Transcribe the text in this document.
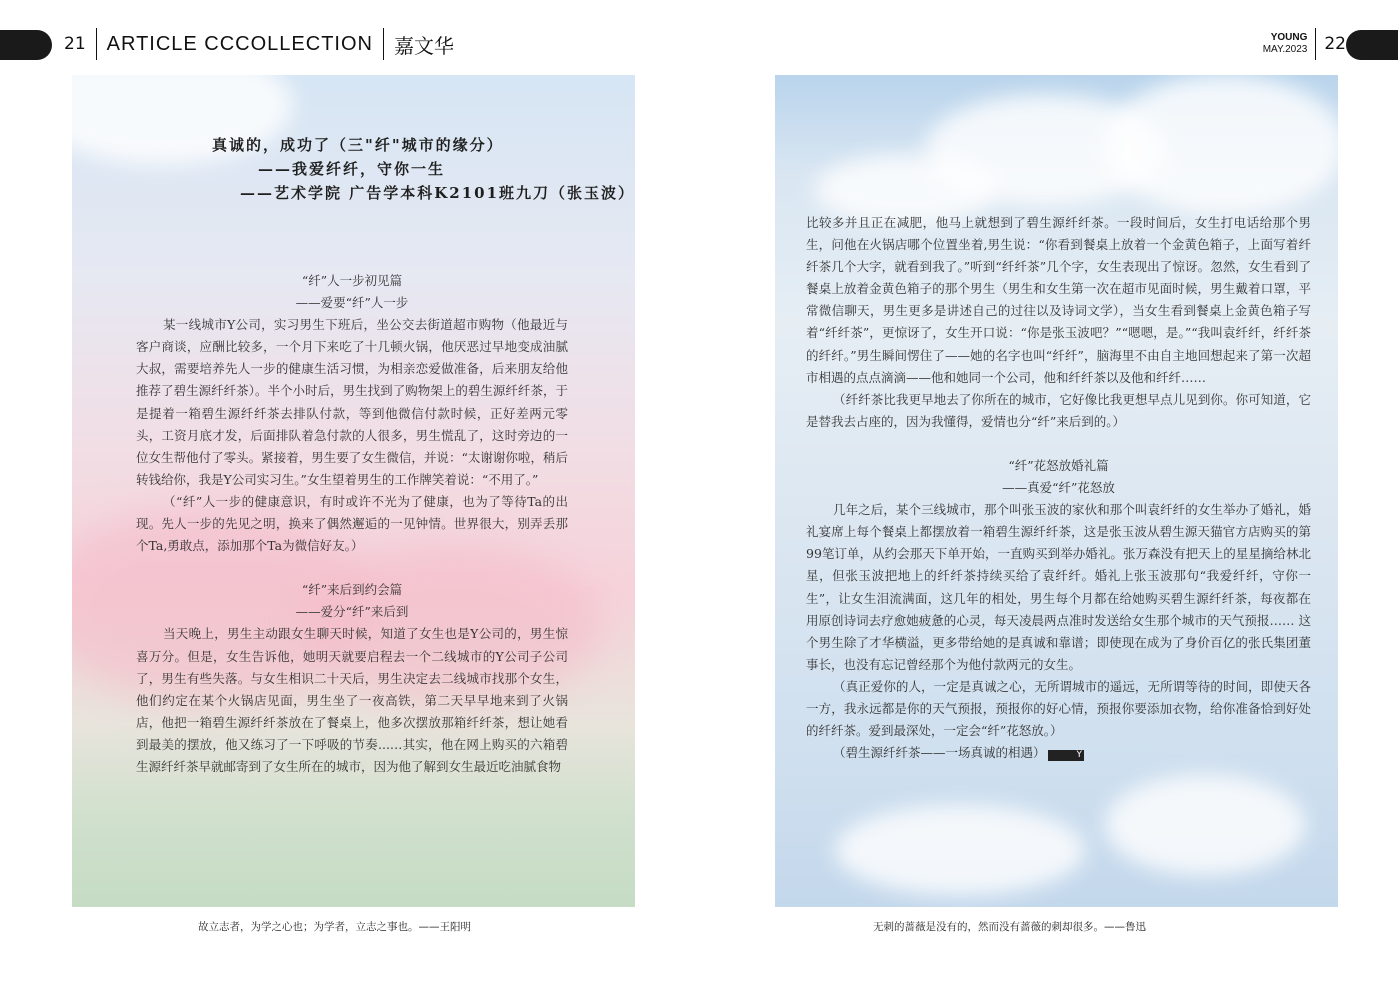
21 ARTICLE CCCOLLECTION 嘉文华	YOUNG
MAY.2023 22
真诚的，成功了（三"纤"城市的缘分）
——我爱纤纤，守你一生
——艺术学院 广告学本科K2101班九刀（张玉波）

“纤”人一步初见篇

——爱要“纤”人一步

某一线城市Y公司，实习男生下班后，坐公交去街道超市购物（他最近与客户商谈，应酬比较多，一个月下来吃了十几顿火锅，他厌恶过早地变成油腻大叔，需要培养先人一步的健康生活习惯，为相亲恋爱做准备，后来朋友给他推荐了碧生源纤纤茶）。半个小时后，男生找到了购物架上的碧生源纤纤茶，于是提着一箱碧生源纤纤茶去排队付款，等到他微信付款时候，正好差两元零头，工资月底才发，后面排队着急付款的人很多，男生慌乱了，这时旁边的一位女生帮他付了零头。紧接着，男生要了女生微信，并说：“太谢谢你啦，稍后转钱给你，我是Y公司实习生。”女生望着男生的工作牌笑着说：“不用了。”

（“纤”人一步的健康意识，有时或许不光为了健康，也为了等待Ta的出现。先人一步的先见之明，换来了偶然邂逅的一见钟情。世界很大，别弄丢那个Ta,勇敢点，添加那个Ta为微信好友。）

“纤”来后到约会篇

——爱分“纤”来后到

当天晚上，男生主动跟女生聊天时候，知道了女生也是Y公司的，男生惊喜万分。但是，女生告诉他，她明天就要启程去一个二线城市的Y公司子公司了，男生有些失落。与女生相识二十天后，男生决定去二线城市找那个女生，他们约定在某个火锅店见面，男生坐了一夜高铁，第二天早早地来到了火锅店，他把一箱碧生源纤纤茶放在了餐桌上，他多次摆放那箱纤纤茶，想让她看到最美的摆放，他又练习了一下呼吸的节奏...…其实，他在网上购买的六箱碧生源纤纤茶早就邮寄到了女生所在的城市，因为他了解到女生最近吃油腻食物

比较多并且正在减肥，他马上就想到了碧生源纤纤茶。一段时间后，女生打电话给那个男生，问他在火锅店哪个位置坐着,男生说：“你看到餐桌上放着一个金黄色箱子，上面写着纤纤茶几个大字，就看到我了。”听到“纤纤茶”几个字，女生表现出了惊讶。忽然，女生看到了餐桌上放着金黄色箱子的那个男生（男生和女生第一次在超市见面时候，男生戴着口罩，平常微信聊天，男生更多是讲述自己的过往以及诗词文学），当女生看到餐桌上金黄色箱子写着“纤纤茶”，更惊讶了，女生开口说：“你是张玉波吧？”“嗯嗯，是。”“我叫袁纤纤，纤纤茶的纤纤。”男生瞬间愣住了——她的名字也叫“纤纤”，脑海里不由自主地回想起来了第一次超市相遇的点点滴滴——他和她同一个公司，他和纤纤茶以及他和纤纤……

（纤纤茶比我更早地去了你所在的城市，它好像比我更想早点儿见到你。你可知道，它是替我去占座的，因为我懂得，爱情也分“纤”来后到的。）

“纤”花怒放婚礼篇

——真爱“纤”花怒放

几年之后，某个三线城市，那个叫张玉波的家伙和那个叫袁纤纤的女生举办了婚礼，婚礼宴席上每个餐桌上都摆放着一箱碧生源纤纤茶，这是张玉波从碧生源天猫官方店购买的第99笔订单，从约会那天下单开始，一直购买到举办婚礼。张万森没有把天上的星星摘给林北星，但张玉波把地上的纤纤茶持续买给了袁纤纤。婚礼上张玉波那句“我爱纤纤，守你一生”，让女生泪流满面，这几年的相处，男生每个月都在给她购买碧生源纤纤茶，每夜都在用原创诗词去疗愈她疲惫的心灵，每天凌晨两点准时发送给女生那个城市的天气预报…… 这个男生除了才华横溢，更多带给她的是真诚和靠谱；即使现在成为了身价百亿的张氏集团董事长，也没有忘记曾经那个为他付款两元的女生。

（真正爱你的人，一定是真诚之心，无所谓城市的遥远，无所谓等待的时间，即使天各一方，我永远都是你的天气预报，预报你的好心情，预报你要添加衣物，给你准备恰到好处的纤纤茶。爱到最深处，一定会“纤”花怒放。）

（碧生源纤纤茶——一场真诚的相遇）	Y

故立志者，为学之心也；为学者，立志之事也。——王阳明	无刺的蔷薇是没有的，然而没有蔷薇的刺却很多。——鲁迅
